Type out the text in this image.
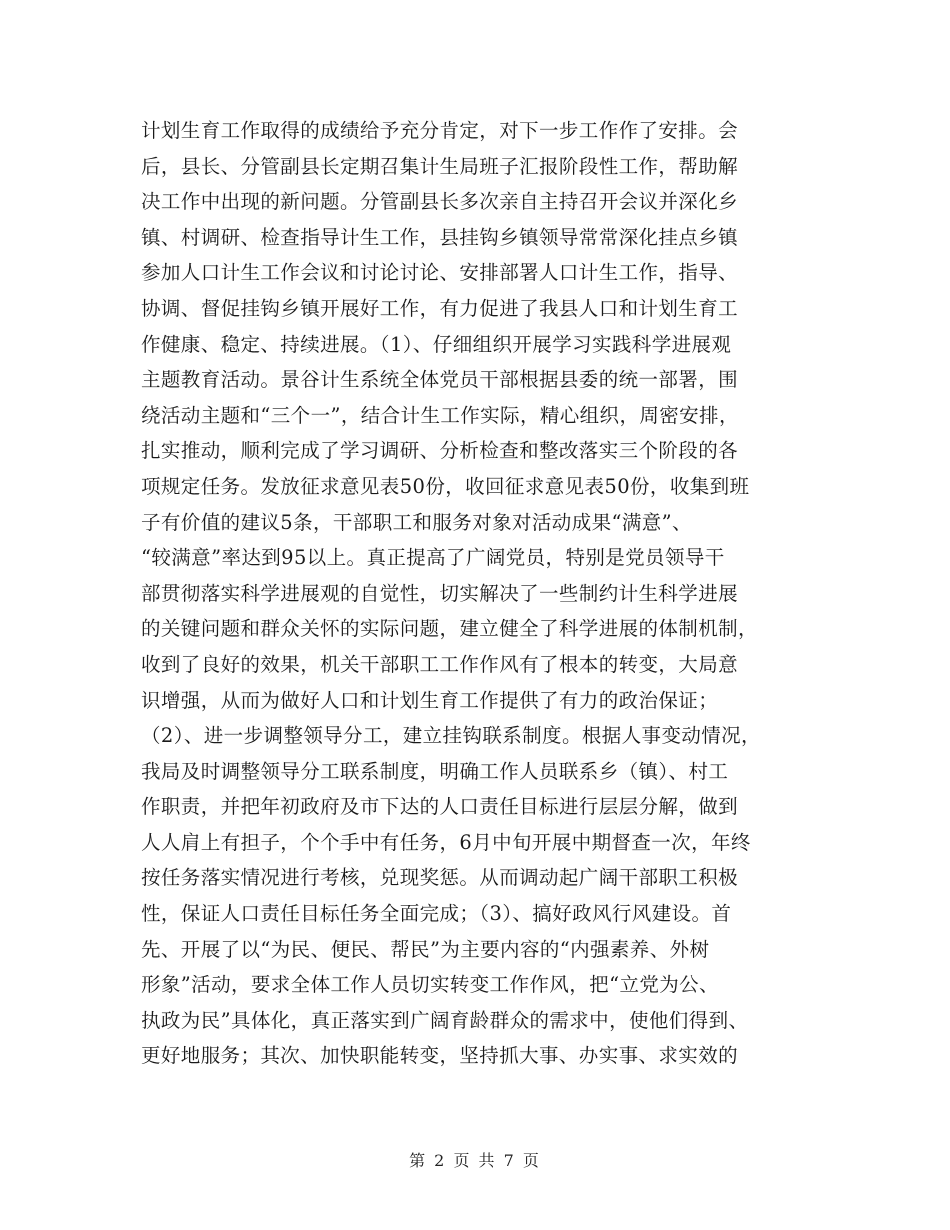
计划生育工作取得的成绩给予充分肯定，对下一步工作作了安排。会
后，县长、分管副县长定期召集计生局班子汇报阶段性工作，帮助解
决工作中出现的新问题。分管副县长多次亲自主持召开会议并深化乡
镇、村调研、检查指导计生工作，县挂钩乡镇领导常常深化挂点乡镇
参加人口计生工作会议和讨论讨论、安排部署人口计生工作，指导、
协调、督促挂钩乡镇开展好工作，有力促进了我县人口和计划生育工
作健康、稳定、持续进展。（1）、仔细组织开展学习实践科学进展观
主题教育活动。景谷计生系统全体党员干部根据县委的统一部署，围
绕活动主题和“三个一”，结合计生工作实际，精心组织，周密安排，
扎实推动，顺利完成了学习调研、分析检查和整改落实三个阶段的各
项规定任务。发放征求意见表50份，收回征求意见表50份，收集到班
子有价值的建议5条，干部职工和服务对象对活动成果“满意”、
“较满意”率达到95以上。真正提高了广阔党员，特别是党员领导干
部贯彻落实科学进展观的自觉性，切实解决了一些制约计生科学进展
的关键问题和群众关怀的实际问题，建立健全了科学进展的体制机制，
收到了良好的效果，机关干部职工工作作风有了根本的转变，大局意
识增强，从而为做好人口和计划生育工作提供了有力的政治保证；
（2）、进一步调整领导分工，建立挂钩联系制度。根据人事变动情况，
我局及时调整领导分工联系制度，明确工作人员联系乡（镇）、村工
作职责，并把年初政府及市下达的人口责任目标进行层层分解，做到
人人肩上有担子，个个手中有任务，6月中旬开展中期督查一次，年终
按任务落实情况进行考核，兑现奖惩。从而调动起广阔干部职工积极
性，保证人口责任目标任务全面完成；（3）、搞好政风行风建设。首
先、开展了以“为民、便民、帮民”为主要内容的“内强素养、外树
形象”活动，要求全体工作人员切实转变工作作风，把“立党为公、
执政为民”具体化，真正落实到广阔育龄群众的需求中，使他们得到、
更好地服务；其次、加快职能转变，坚持抓大事、办实事、求实效的
第 2 页 共 7 页
